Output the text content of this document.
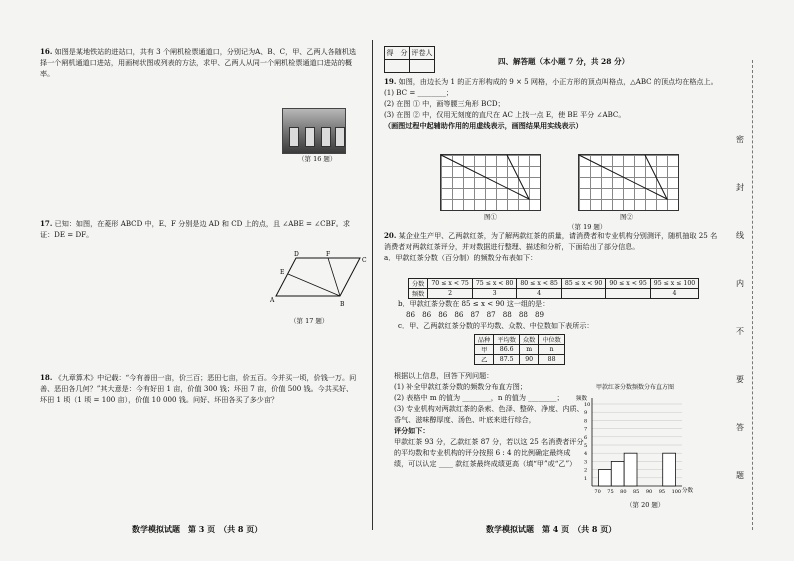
16. 如图是某地铁站的进站口，共有 3 个闸机检票通道口，分别记为A、B、C，甲、乙两人各随机选择一个闸机通道口进站，用画树状图或列表的方法，求甲、乙两人从同一个闸机检票通道口进站的概率。
（第 16 题）
17. 已知：如图，在菱形 ABCD 中，E、F 分别是边 AD 和 CD 上的点，且 ∠ABE = ∠CBF。求证：DE = DF。
A
B
C
D
E
F
（第 17 题）
18. 《九章算术》中记载：“今有善田一亩，价三百；恶田七亩，价五百。今并买一顷，价钱一万。问善、恶田各几何？”其大意是：今有好田 1 亩，价值 300 钱；坏田 7 亩，价值 500 钱。今共买好、坏田 1 顷（1 顷 = 100 亩），价值 10 000 钱。问好、坏田各买了多少亩？
数学模拟试题　第 3 页　（共 8 页）
得　分	评卷人

四、解答题（本小题 7 分，共 28 分）
19. 如图，由边长为 1 的正方形构成的 9 × 5 网格，小正方形的顶点叫格点，△ABC 的顶点均在格点上。
(1) BC = ________；
(2) 在图 ① 中，画等腰三角形 BCD；
(3) 在图 ② 中，仅用无刻度的直尺在 AC 上找一点 E，使 BE 平分 ∠ABC。
（画图过程中起辅助作用的用虚线表示，画图结果用实线表示）
图①	图②
（第 19 题）
20. 某企业生产甲、乙两款红茶，为了解两款红茶的质量，请消费者和专业机构分别测评，随机抽取 25 名消费者对两款红茶评分，并对数据进行整理、描述和分析，下面给出了部分信息。
a．甲款红茶分数（百分制）的频数分布表如下：
分数	70 ≤ x < 75	75 ≤ x < 80	80 ≤ x < 85	85 ≤ x < 90	90 ≤ x < 95	95 ≤ x ≤ 100
频数	2	3	4			4
b．甲款红茶分数在 85 ≤ x < 90 这一组的是：
86　86　86　86　87　87　88　88　89
c．甲、乙两款红茶分数的平均数、众数、中位数如下表所示：
品种	平均数	众数	中位数
甲	86.6	m	n
乙	87.5	90	88
根据以上信息，回答下列问题：
(1) 补全甲款红茶分数的频数分布直方图；
(2) 表格中 m 的值为 ________，n 的值为 ________；
(3) 专业机构对两款红茶的条索、色泽、整碎、净度、内质、香气、滋味醇厚度、汤色、叶底来进行综合，
评分如下：
甲款红茶 93 分，乙款红茶 87 分，若以这 25 名消费者评分的平均数和专业机构的评分按照 6 : 4 的比例确定最终成绩，可以认定 ____ 款红茶最终成绩更高（填“甲”或“乙”）
甲款红茶分数频数分布直方图
频数
分数
1
2
3
4
5
6
7
8
9
10
70 75 80 85 90 95 100
（第 20 题）
密
封
线
内
不
要
答
题
数学模拟试题　第 4 页　（共 8 页）
